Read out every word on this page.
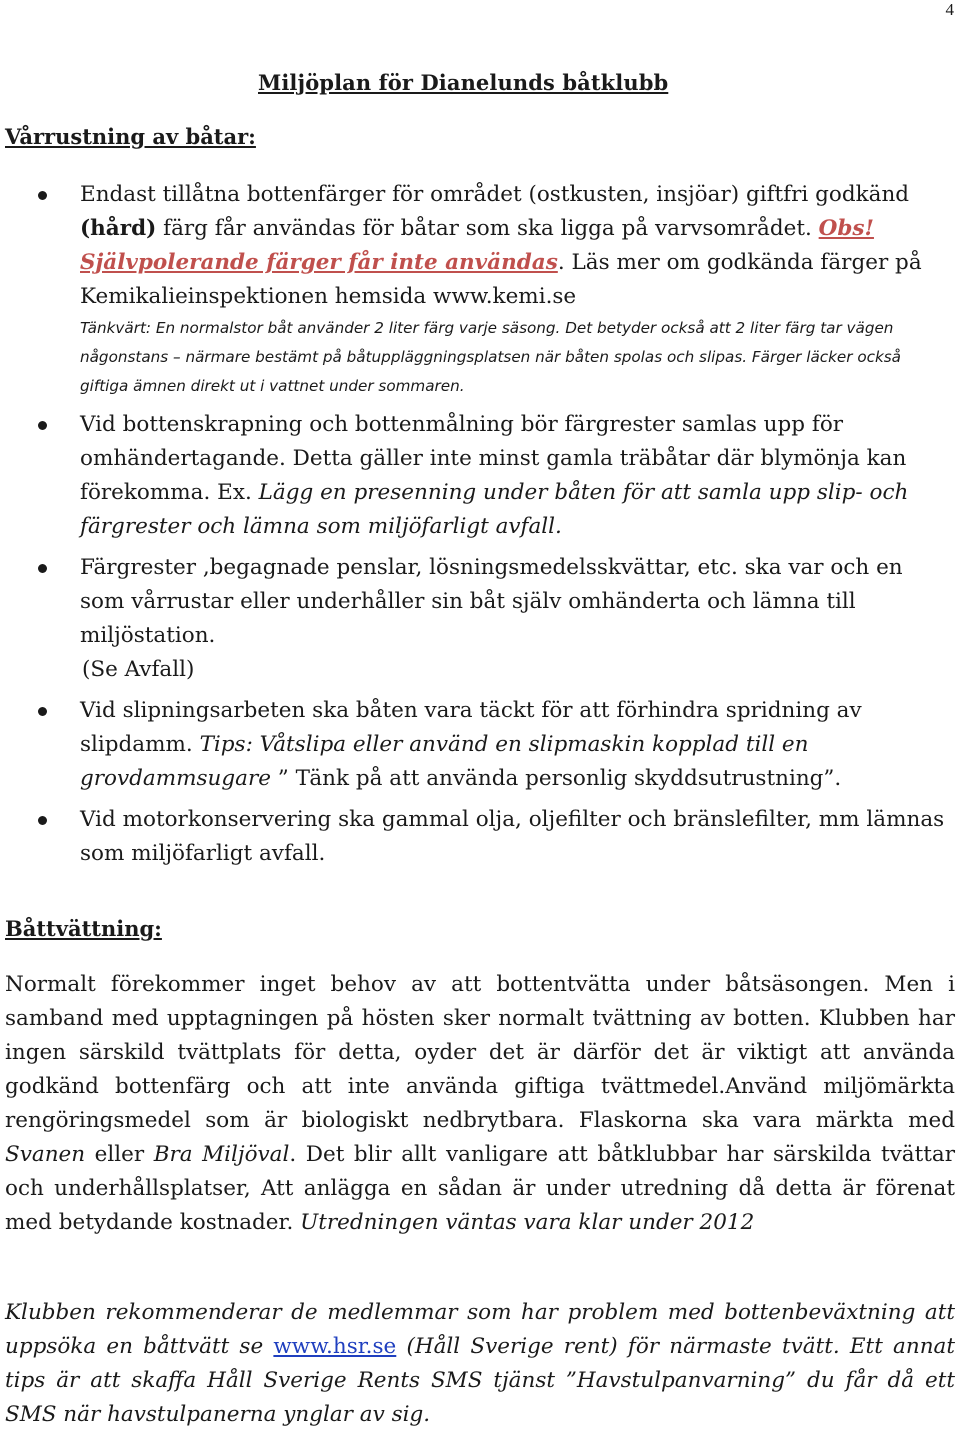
4
Miljöplan för Dianelunds båtklubb
Vårrustning av båtar:
Endast tillåtna bottenfärger för området (ostkusten, insjöar) giftfri godkänd (hård) färg får användas för båtar som ska ligga på varvsområdet. Obs! Självpolerande färger får inte användas. Läs mer om godkända färger på Kemikalieinspektionen hemsida www.kemi.se
Tänkvärt: En normalstor båt använder 2 liter färg varje säsong. Det betyder också att 2 liter färg tar vägen någonstans – närmare bestämt på båtuppläggningsplatsen när båten spolas och slipas. Färger läcker också giftiga ämnen direkt ut i vattnet under sommaren.
Vid bottenskrapning och bottenmålning bör färgrester samlas upp för omhändertagande. Detta gäller inte minst gamla träbåtar där blymönja kan förekomma. Ex. Lägg en presenning under båten för att samla upp slip- och färgrester och lämna som miljöfarligt avfall.
Färgrester ,begagnade penslar, lösningsmedelsskvättar, etc. ska var och en som vårrustar eller underhåller sin båt själv omhänderta och lämna till miljöstation.
(Se Avfall)
Vid slipningsarbeten ska båten vara täckt för att förhindra spridning av slipdamm. Tips: Våtslipa eller använd en slipmaskin kopplad till en grovdammsugare ” Tänk på att använda personlig skyddsutrustning”.
Vid motorkonservering ska gammal olja, oljefilter och bränslefilter, mm lämnas som miljöfarligt avfall.
Båttvättning:
Normalt förekommer inget behov av att bottentvätta under båtsäsongen. Men i samband med upptagningen på hösten sker normalt tvättning av botten. Klubben har ingen särskild tvättplats för detta, oyder det är därför det är viktigt att använda godkänd bottenfärg och att inte använda giftiga tvättmedel.Använd miljömärkta rengöringsmedel som är biologiskt nedbrytbara. Flaskorna ska vara märkta med Svanen eller Bra Miljöval. Det blir allt vanligare att båtklubbar har särskilda tvättar och underhållsplatser, Att anlägga en sådan är under utredning då detta är förenat med betydande kostnader. Utredningen väntas vara klar under 2012
Klubben rekommenderar de medlemmar som har problem med bottenbeväxtning att uppsöka en båttvätt se www.hsr.se (Håll Sverige rent) för närmaste tvätt. Ett annat tips är att skaffa Håll Sverige Rents SMS tjänst ”Havstulpanvarning” du får då ett SMS när havstulpanerna ynglar av sig.
